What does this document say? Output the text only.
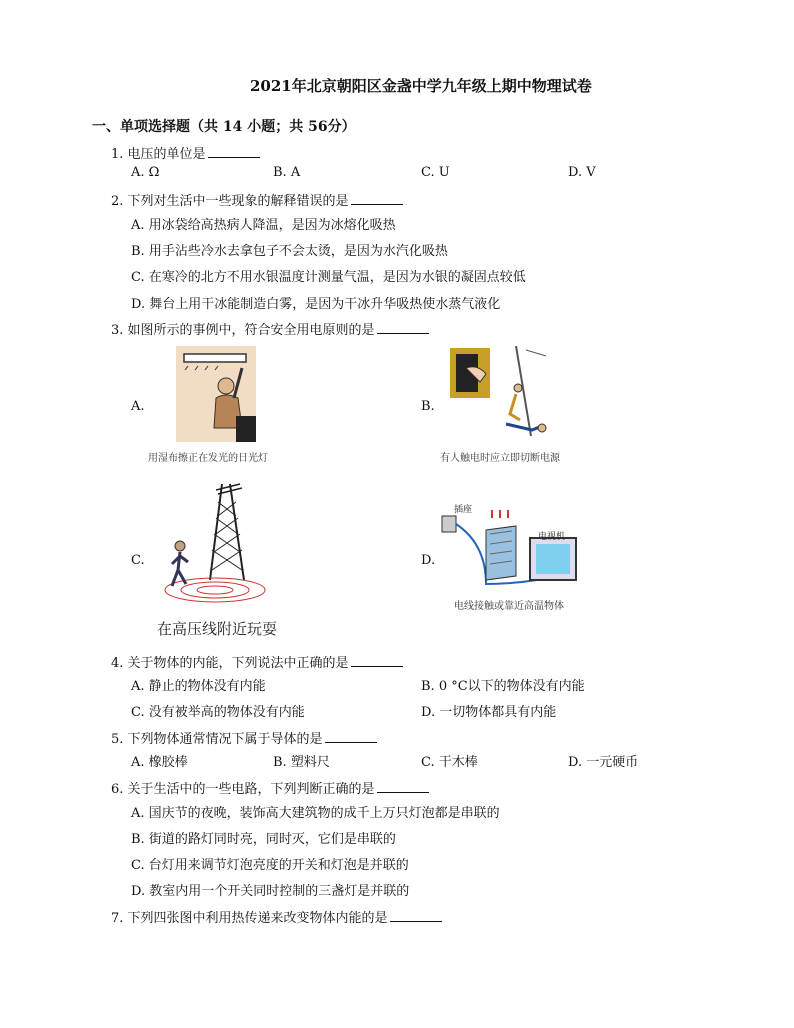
2021年北京朝阳区金盏中学九年级上期中物理试卷
一、单项选择题（共 14 小题；共 56分）
1. 电压的单位是
A. Ω	B. A	C. U	D. V
2. 下列对生活中一些现象的解释错误的是
A. 用冰袋给高热病人降温，是因为冰熔化吸热
B. 用手沾些冷水去拿包子不会太烫，是因为水汽化吸热
C. 在寒冷的北方不用水银温度计测量气温，是因为水银的凝固点较低
D. 舞台上用干冰能制造白雾，是因为干冰升华吸热使水蒸气液化
3. 如图所示的事例中，符合安全用电原则的是
A.
用湿布擦正在发光的日光灯
B.
有人触电时应立即切断电源
C.
在高压线附近玩耍
D.
插座
电视机
电线接触或靠近高温物体
4. 关于物体的内能，下列说法中正确的是
A. 静止的物体没有内能	B. 0 °C以下的物体没有内能
C. 没有被举高的物体没有内能	D. 一切物体都具有内能
5. 下列物体通常情况下属于导体的是
A. 橡胶棒	B. 塑料尺	C. 干木棒	D. 一元硬币
6. 关于生活中的一些电路，下列判断正确的是
A. 国庆节的夜晚，装饰高大建筑物的成千上万只灯泡都是串联的
B. 街道的路灯同时亮，同时灭，它们是串联的
C. 台灯用来调节灯泡亮度的开关和灯泡是并联的
D. 教室内用一个开关同时控制的三盏灯是并联的
7. 下列四张图中利用热传递来改变物体内能的是
